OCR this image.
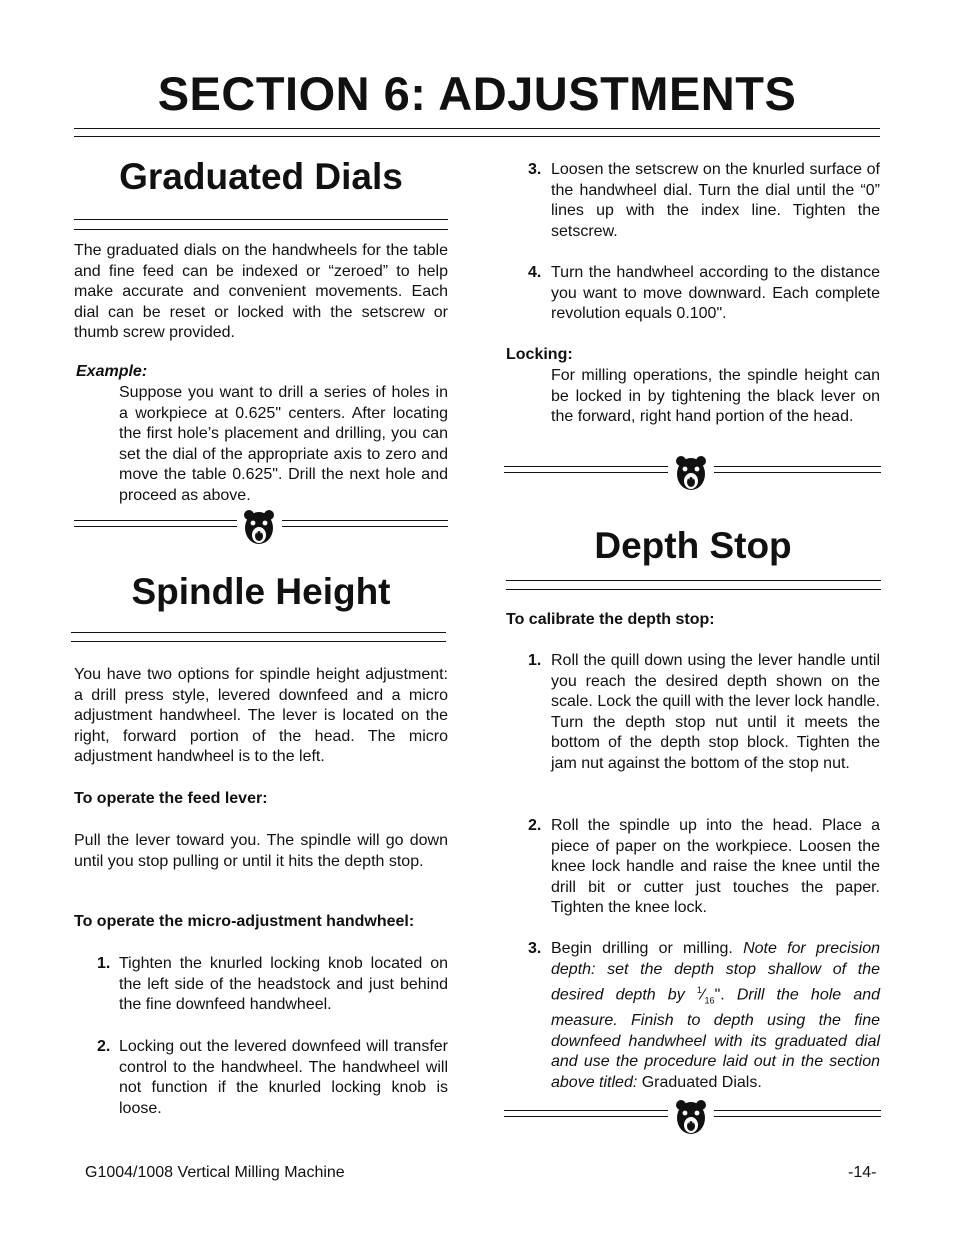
SECTION 6: ADJUSTMENTS
Graduated Dials

The graduated dials on the handwheels for the table and fine feed can be indexed or “zeroed” to help make accurate and convenient movements. Each dial can be reset or locked with the setscrew or thumb screw provided.

Example:

Suppose you want to drill a series of holes in a workpiece at 0.625" centers. After locating the first hole’s placement and drilling, you can set the dial of the appropriate axis to zero and move the table 0.625". Drill the next hole and proceed as above.

Spindle Height

You have two options for spindle height adjustment: a drill press style, levered downfeed and a micro adjustment handwheel. The lever is located on the right, forward portion of the head. The micro adjustment handwheel is to the left.

To operate the feed lever:

Pull the lever toward you. The spindle will go down until you stop pulling or until it hits the depth stop.

To operate the micro-adjustment handwheel:

1. Tighten the knurled locking knob located on the left side of the headstock and just behind the fine downfeed handwheel.
2. Locking out the levered downfeed will transfer control to the handwheel. The handwheel will not function if the knurled locking knob is loose.
3. Loosen the setscrew on the knurled surface of the handwheel dial. Turn the dial until the “0” lines up with the index line. Tighten the setscrew.
4. Turn the handwheel according to the distance you want to move downward. Each complete revolution equals 0.100".

Locking:

For milling operations, the spindle height can be locked in by tightening the black lever on the forward, right hand portion of the head.

Depth Stop

To calibrate the depth stop:

1. Roll the quill down using the lever handle until you reach the desired depth shown on the scale. Lock the quill with the lever lock handle. Turn the depth stop nut until it meets the bottom of the depth stop block. Tighten the jam nut against the bottom of the stop nut.
2. Roll the spindle up into the head. Place a piece of paper on the workpiece. Loosen the knee lock handle and raise the knee until the drill bit or cutter just touches the paper. Tighten the knee lock.
3. Begin drilling or milling. Note for precision depth: set the depth stop shallow of the desired depth by $^1⁄_{16}$". Drill the hole and measure. Finish to depth using the fine downfeed handwheel with its graduated dial and use the procedure laid out in the section above titled: Graduated Dials.
G1004/1008 Vertical Milling Machine	-14-
